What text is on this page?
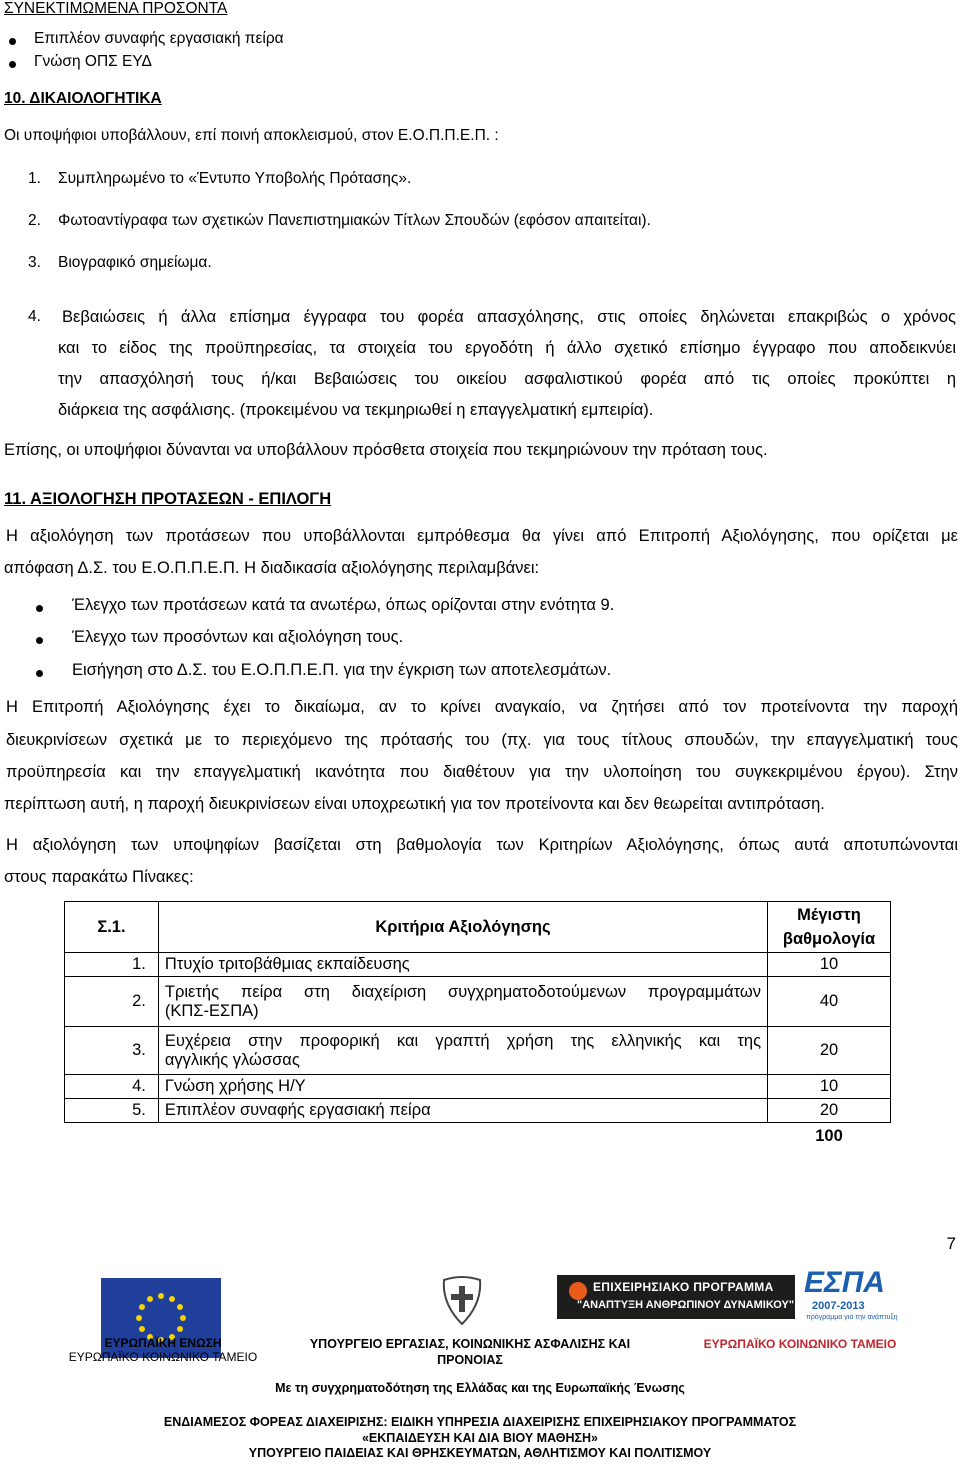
ΣΥΝΕΚΤΙΜΩΜΕΝΑ ΠΡΟΣΟΝΤΑ
Επιπλέον συναφής εργασιακή πείρα
Γνώση ΟΠΣ ΕΥΔ
10. ΔΙΚΑΙΟΛΟΓΗΤΙΚΑ
Οι υποψήφιοι υποβάλλουν, επί ποινή αποκλεισμού, στον Ε.Ο.Π.Π.Ε.Π. :
1. Συμπληρωμένο το «Έντυπο Υποβολής Πρότασης».
2. Φωτοαντίγραφα των σχετικών Πανεπιστημιακών Τίτλων Σπουδών (εφόσον απαιτείται).
3. Βιογραφικό σημείωμα.
4. Βεβαιώσεις ή άλλα επίσημα έγγραφα του φορέα απασχόλησης, στις οποίες δηλώνεται επακριβώς ο χρόνος
και το είδος της προϋπηρεσίας, τα στοιχεία του εργοδότη ή άλλο σχετικό επίσημο έγγραφο που αποδεικνύει
την απασχόλησή τους ή/και Βεβαιώσεις του οικείου ασφαλιστικού φορέα από τις οποίες προκύπτει η
διάρκεια της ασφάλισης. (προκειμένου να τεκμηριωθεί η επαγγελματική εμπειρία).
Επίσης, οι υποψήφιοι δύνανται να υποβάλλουν πρόσθετα στοιχεία που τεκμηριώνουν την πρόταση τους.
11. ΑΞΙΟΛΟΓΗΣΗ ΠΡΟΤΑΣΕΩΝ - ΕΠΙΛΟΓΗ
Η αξιολόγηση των προτάσεων που υποβάλλονται εμπρόθεσμα θα γίνει από Επιτροπή Αξιολόγησης, που ορίζεται με
απόφαση Δ.Σ. του Ε.Ο.Π.Π.Ε.Π. Η διαδικασία αξιολόγησης περιλαμβάνει:
Έλεγχο των προτάσεων κατά τα ανωτέρω, όπως ορίζονται στην ενότητα 9.
Έλεγχο των προσόντων και αξιολόγηση τους.
Εισήγηση στο Δ.Σ. του Ε.Ο.Π.Π.Ε.Π. για την έγκριση των αποτελεσμάτων.
Η Επιτροπή Αξιολόγησης έχει το δικαίωμα, αν το κρίνει αναγκαίο, να ζητήσει από τον προτείνοντα την παροχή
διευκρινίσεων σχετικά με το περιεχόμενο της πρότασής του (πχ. για τους τίτλους σπουδών, την επαγγελματική τους
προϋπηρεσία και την επαγγελματική ικανότητα που διαθέτουν για την υλοποίηση του συγκεκριμένου έργου). Στην
περίπτωση αυτή, η παροχή διευκρινίσεων είναι υποχρεωτική για τον προτείνοντα και δεν θεωρείται αντιπρόταση.
Η αξιολόγηση των υποψηφίων βασίζεται στη βαθμολογία των Κριτηρίων Αξιολόγησης, όπως αυτά αποτυπώνονται
στους παρακάτω Πίνακες:
Σ.1.	Κριτήρια Αξιολόγησης	Μέγιστη
βαθμολογία

1.	Πτυχίο τριτοβάθμιας εκπαίδευσης	10
2.	Τριετής πείρα στη διαχείριση συγχρηματοδοτούμενων προγραμμάτων
(ΚΠΣ-ΕΣΠΑ)	40
3.	Ευχέρεια στην προφορική και γραπτή χρήση της ελληνικής και της
αγγλικής γλώσσας	20
4.	Γνώση χρήσης Η/Υ	10
5.	Επιπλέον συναφής εργασιακή πείρα	20
		100
7
ΕΠΙΧΕΙΡΗΣΙΑΚΟ ΠΡΟΓΡΑΜΜΑ
"ΑΝΑΠΤΥΞΗ ΑΝΘΡΩΠΙΝΟΥ ΔΥΝΑΜΙΚΟΥ"
ΕΣΠΑ
2007-2013
πρόγραμμα για την ανάπτυξη
ΕΥΡΩΠΑΪΚΗ ΕΝΩΣΗ
ΕΥΡΩΠΑΪΚΟ ΚΟΙΝΩΝΙΚΟ ΤΑΜΕΙΟ
ΥΠΟΥΡΓΕΙΟ ΕΡΓΑΣΙΑΣ, ΚΟΙΝΩΝΙΚΗΣ ΑΣΦΑΛΙΣΗΣ ΚΑΙ
ΠΡΟΝΟΙΑΣ
ΕΥΡΩΠΑΪΚΟ ΚΟΙΝΩΝΙΚΟ ΤΑΜΕΙΟ
Με τη συγχρηματοδότηση της Ελλάδας και της Ευρωπαϊκής Ένωσης
ΕΝΔΙΑΜΕΣΟΣ ΦΟΡΕΑΣ ΔΙΑΧΕΙΡΙΣΗΣ: ΕΙΔΙΚΗ ΥΠΗΡΕΣΙΑ ΔΙΑΧΕΙΡΙΣΗΣ ΕΠΙΧΕΙΡΗΣΙΑΚΟΥ ΠΡΟΓΡΑΜΜΑΤΟΣ
«ΕΚΠΑΙΔΕΥΣΗ ΚΑΙ ΔΙΑ ΒΙΟΥ ΜΑΘΗΣΗ»
ΥΠΟΥΡΓΕΙΟ ΠΑΙΔΕΙΑΣ ΚΑΙ ΘΡΗΣΚΕΥΜΑΤΩΝ, ΑΘΛΗΤΙΣΜΟΥ ΚΑΙ ΠΟΛΙΤΙΣΜΟΥ
